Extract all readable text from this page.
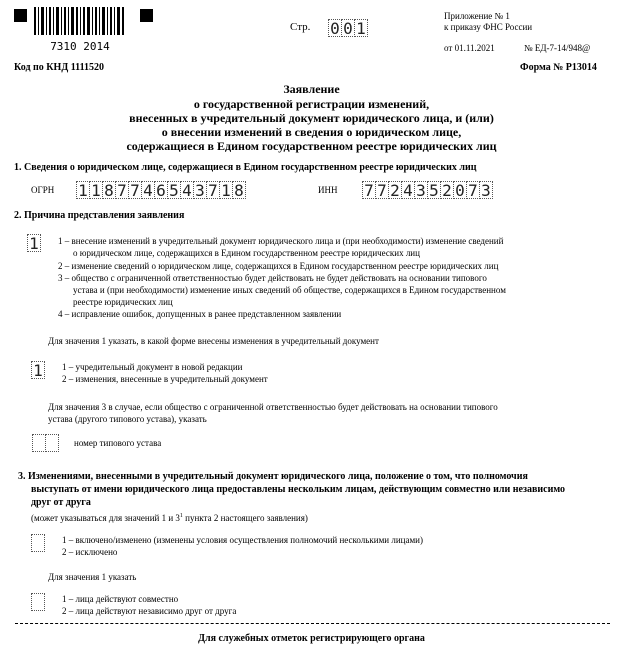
7310 2014
Стр. 0 0 1
Приложение № 1
к приказу ФНС России
от 01.11.2021	№ ЕД-7-14/948@
Код по КНД 1111520	Форма № Р13014
Заявление
о государственной регистрации изменений,
внесенных в учредительный документ юридического лица, и (или)
о внесении изменений в сведения о юридическом лице,
содержащиеся в Едином государственном реестре юридических лиц
1. Сведения о юридическом лице, содержащиеся в Едином государственном реестре юридических лиц
ОГРН 1 1 8 7 7 4 6 5 4 3 7 1 8	ИНН 7 7 2 4 3 5 2 0 7 3
2. Причина представления заявления
1 1 – внесение изменений в учредительный документ юридического лица и (при необходимости) изменение сведений
о юридическом лице, содержащихся в Едином государственном реестре юридических лиц
2 – изменение сведений о юридическом лице, содержащихся в Едином государственном реестре юридических лиц
3 – общество с ограниченной ответственностью будет действовать не будет действовать на основании типового
устава и (при необходимости) изменение иных сведений об обществе, содержащихся в Едином государственном
реестре юридических лиц
4 – исправление ошибок, допущенных в ранее представленном заявлении
Для значения 1 указать, в какой форме внесены изменения в учредительный документ
1 1 – учредительный документ в новой редакции
2 – изменения, внесенные в учредительный документ
Для значения 3 в случае, если общество с ограниченной ответственностью будет действовать на основании типового
устава (другого типового устава), указать
номер типового устава
3. Изменениями, внесенными в учредительный документ юридического лица, положение о том, что полномочия
выступать от имени юридического лица предоставлены нескольким лицам, действующим совместно или независимо
друг от друга
(может указываться для значений 1 и $3^1$ пункта 2 настоящего заявления)
1 – включено/изменено (изменены условия осуществления полномочий несколькими лицами)
2 – исключено
Для значения 1 указать
1 – лица действуют совместно
2 – лица действуют независимо друг от друга
Для служебных отметок регистрирующего органа
